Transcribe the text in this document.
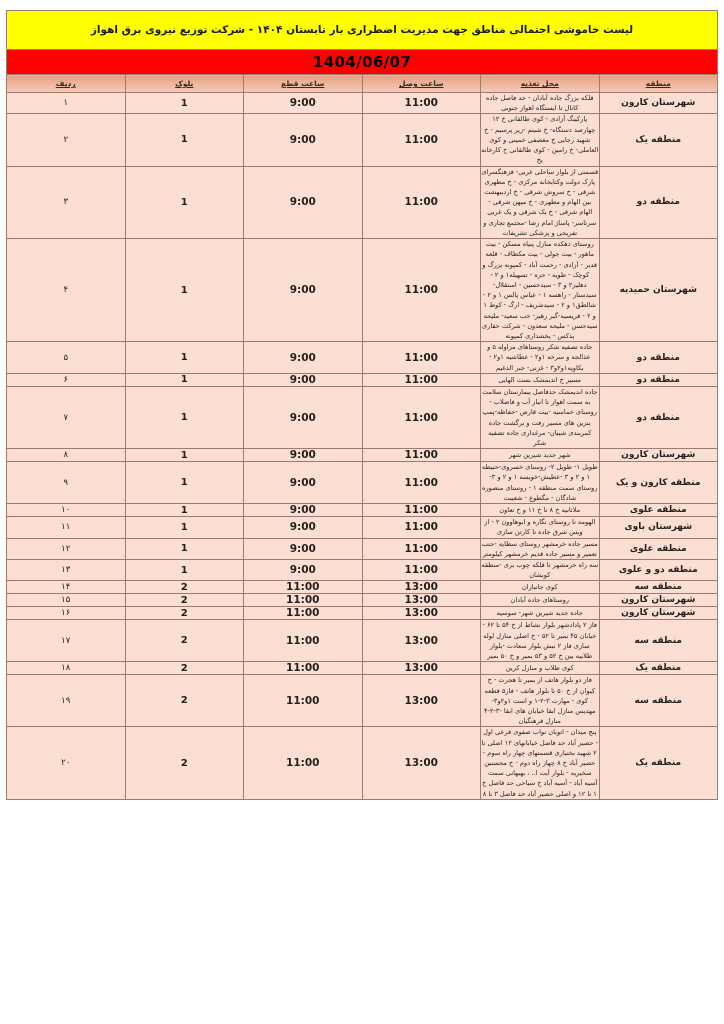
لیست خاموشی احتمالی مناطق جهت مدیریت اضطراری بار تابستان ۱۴۰۴ - شرکت توزیع نیروی برق اهواز					
1404/06/07					
منطقه	محل تغذیه	ساعت وصل	ساعت قطع	بلوک	ردیف
شهرستان کارون	فلکه بزرگ جاده آبادان - حد فاصل جاده کانال تا ایستگاه اهواز جنوبی	11:00	9:00	1	۱
منطقه یک	پارکینگ آزادی - کوی طالقانی خ ۱۲ چهارصد دستگاه- خ شبنم -زیر پرسیم - خ شهید رجایی خ معصفی خمینی و کوی العاملی- خ رامین - کوی طالقانی خ کارخانه یخ	11:00	9:00	1	۲
منطقه دو	قسمتی از بلوار ساحلی غربی- فرهنگسرای پارک دولت وکتابخانه مرکزی - خ مطهری شرقی - خ سروش شرقی - خ اردیبهشت بین الهام و مطهری - خ میهن شرقی - الهام شرقی - خ یک شرقی و یک غربی سرتاسر- پاساژ امام رضا -مجتمع تجاری و تفریحی و پزشکی تشریفات	11:00	9:00	1	۳
شهرستان حمیدیه	روستای دهکده منازل پنیاه مسکن - بیت ماهور - بیت جولی - بیت مکطاف - قلعه قدیر - آزادی - رحمت آباد - کمپونه بزرگ و کوچک - طویه - حزه - تسهیله۱ و ۲ - دهلیز۲ و ۳ - سیدحسین - استقلال- سیدستار - راهسه ۱ - عباس پالس ۱ و ۲ - شالطق۱ و ۲ - سیدشریف - ارگ - کوط ۱ و ۲ - فریسیه-گبر زهیر- خب سعید- ملیحه سیدحسن - ملیحه سعدون - شرکت حفاری پدکس - پخشداری کمپونه	11:00	9:00	1	۴
منطقه دو	جاده تصفیه شکر روستاهای مزاوله ۵ و عذالجه و سرخه ۱و۲ - عطاشیه ۱و۲ - یکاویه۱و۲و۳ - غزنی- جبر الدغیم	11:00	9:00	1	۵
منطقه دو	مسیر خ اندیمشک بست الهایی	11:00	9:00	1	۶
منطقه دو	جاده اندیمشک حدفاصل بیمارستان سلامت به سمت اهواز تا انبار آب و فاضلاب - روستای خماسیه -بیت قارص -حفاظه-پمپ بنزین های مسیر رفت و برگشت جاده کمربندی شیبان- مرغداری جاده تصفیه شکر	11:00	9:00	1	۷
شهرستان کارون	شهر جدید شیرین شهر	11:00	9:00	1	۸
منطقه کارون و یک	طویل ۱- طویل ۲- روستای خسروی-حنیطه ۱ و ۲ و ۳ -عطیش-خویسه ۱ و ۲ و ۳-روستای سمت منطقه ۱ - روستای منصوره شادگان - مگطوع - شعیبت	11:00	9:00	1	۹
منطقه علوی	ملاثانیه خ ۸ تا خ ۱۱ و خ تعاون	11:00	9:00	1	۱۰
شهرستان باوی	الهومه تا روستای نگاره و ابوهاوون ۲ - از ویس شرق جاده تا کارتن سازی	11:00	9:00	1	۱۱
منطقه علوی	مسیر جاده خرمشهر روستای سطایه -جنب تعمیر و مسیر جاده قدیم خرمشهر کیلومتر	11:00	9:00	1	۱۲
منطقه دو و علوی	سه راه خرمشهر تا فلکه چوب بری -منطقه کوبشان	11:00	9:00	1	۱۳
منطقه سه	کوی جانبازان	13:00	11:00	2	۱۴
شهرستان کارون	روستاهای جاده آبادان	13:00	11:00	2	۱۵
شهرستان کارون	جاده جدید شیرین شهر- سوسیه	13:00	11:00	2	۱۶
منطقه سه	فاز ۲ پادادشهر بلوار نشاط از خ ۵۴ تا ۶۲ - خیابان ۴۵ بمیر تا ۵۲ - خ اصلی منازل لوله سازی فاز ۲ نبش بلوار سعادت -بلوار طلاییه بین خ ۵۲ و ۵۳ بمیر و خ ۵۰ بمیر	13:00	11:00	2	۱۷
منطقه یک	کوی طلاب و منازل کرین	13:00	11:00	2	۱۸
منطقه سه	فاز دو بلوار هاتف از بمیر تا هجرت - خ کیوان از خ ۵۰ تا بلوار هاتف - فاز۵ قطعه کوی - مهارت ۳-۲-۱ و است ۱و۲و۳- مهدیس منازل ابقا خیابان های ابقا -۳-۲-۴ منازل فرهنگیان	13:00	11:00	2	۱۹
منطقه یک	پنج میدان - اتوبان نواب صفوی فرعی اول - حصیر آباد حد فاصل خیابانهای ۱۲ اصلی تا ۲ شهید بختیاری قسمتهای چهار راه سوم - حصیر آباد خ ۸ چهار راه دوم - خ محسنین سخیریه - بلوار آیت ا.. ، بهبهانی سمت آسیه آباد - آسیه آباد خ سیاحی حد فاصل خ ۱ تا ۱۲ و اصلی حصیر آباد حد فاصل ۳ تا ۸	13:00	11:00	2	۲۰
